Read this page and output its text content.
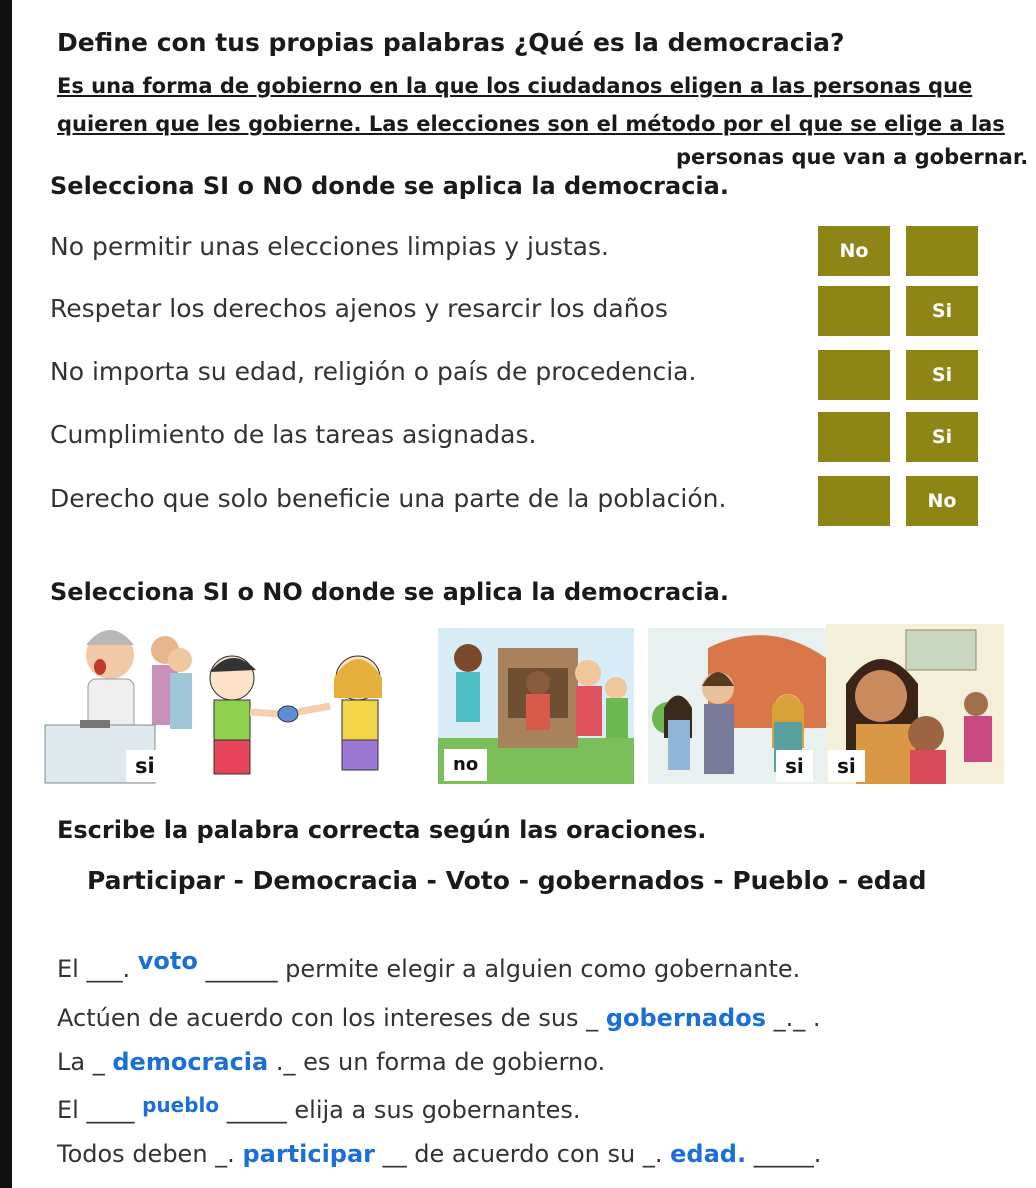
Define con tus propias palabras ¿Qué es la democracia?
Es una forma de gobierno en la que los ciudadanos eligen a las personas que
quieren que les gobierne. Las elecciones son el método por el que se elige a las
personas que van a gobernar.
Selecciona SI o NO donde se aplica la democracia.
No permitir unas elecciones limpias y justas.	No
Respetar los derechos ajenos y resarcir los daños	Si
No importa su edad, religión o país de procedencia.	Si
Cumplimiento de las tareas asignadas.	Si
Derecho que solo beneficie una parte de la población.	No
Selecciona SI o NO donde se aplica la democracia.
si	no	si	si
Escribe la palabra correcta según las oraciones.
Participar - Democracia - Voto - gobernados - Pueblo - edad
El ___. voto ______ permite elegir a alguien como gobernante.
Actúen de acuerdo con los intereses de sus _ gobernados _._ .
La _ democracia ._ es un forma de gobierno.
El ____ $^{pueblo}$ _____ elija a sus gobernantes.
Todos deben _. participar __ de acuerdo con su _. edad. _____.
